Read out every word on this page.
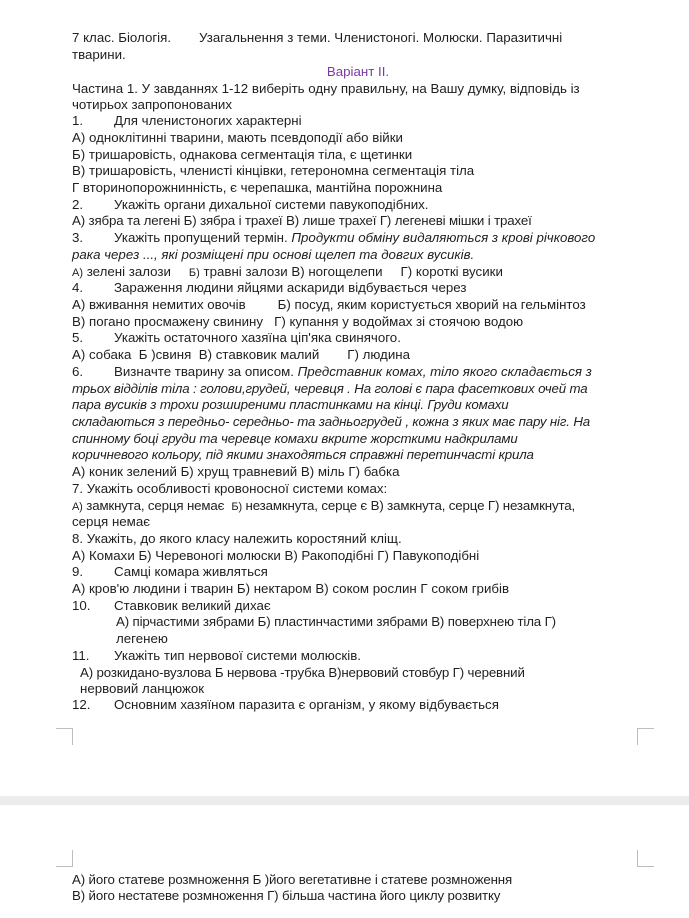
7 клас. Біологія. Узагальнення з теми. Членистоногі. Молюски. Паразитичні
тварини.
Варіант ІІ.
Частина 1. У завданнях 1-12 виберіть одну правильну, на Вашу думку, відповідь із
чотирьох запропонованих
1. Для членистоногих характерні
А) одноклітинні тварини, мають псевдоподії або війки
Б) тришаровість, однакова сегментація тіла, є щетинки
В) тришаровість, членисті кінцівки, гетерономна сегментація тіла
Г вторинопорожнинність, є черепашка, мантійна порожнина
2. Укажіть органи дихальної системи павукоподібних.
А) зябра та легені Б) зябра і трахеї В) лише трахеї Г) легеневі мішки і трахеї
3. Укажіть пропущений термін. Продукти обміну видаляються з крові річкового
рака через ..., які розміщені при основі щелеп та довгих вусиків.
А) зелені залози Б) травні залози В) ногощелепи Г) короткі вусики
4. Зараження людини яйцями аскариди відбувається через
А) вживання немитих овочів Б) посуд, яким користується хворий на гельмінтоз
В) погано просмажену свинину Г) купання у водоймах зі стоячою водою
5. Укажіть остаточного хазяїна ціп'яка свинячого.
А) собака Б )свиня В) ставковик малий Г) людина
6. Визначте тварину за описом. Представник комах, тіло якого складається з
трьох відділів тіла : голови,грудей, черевця . На голові є пара фасеткових очей та
пара вусиків з трохи розширеними пластинками на кінці. Груди комахи
складаються з передньо- середньо- та задньогрудей , кожна з яких має пару ніг. На
спинному боці груди та черевце комахи вкрите жорсткими надкрилами
коричневого кольору, під якими знаходяться справжні перетинчасті крила
А) коник зелений Б) хрущ травневий В) міль Г) бабка
7. Укажіть особливості кровоносної системи комах:
А) замкнута, серця немає Б) незамкнута, серце є В) замкнута, серце Г) незамкнута,
серця немає
8. Укажіть, до якого класу належить коростяний кліщ.
А) Комахи Б) Черевоногі молюски В) Ракоподібні Г) Павукоподібні
9. Самці комара живляться
А) кров'ю людини і тварин Б) нектаром В) соком рослин Г соком грибів
10. Ставковик великий дихає
А) пірчастими зябрами Б) пластинчастими зябрами В) поверхнею тіла Г)
легенею
11. Укажіть тип нервової системи молюсків.
А) розкидано-вузлова Б нервова -трубка В)нервовий стовбур Г) черевний
нервовий ланцюжок
12. Основним хазяїном паразита є організм, у якому відбувається
А) його статеве розмноження Б )його вегетативне і статеве розмноження
В) його нестатеве розмноження Г) більша частина його циклу розвитку
